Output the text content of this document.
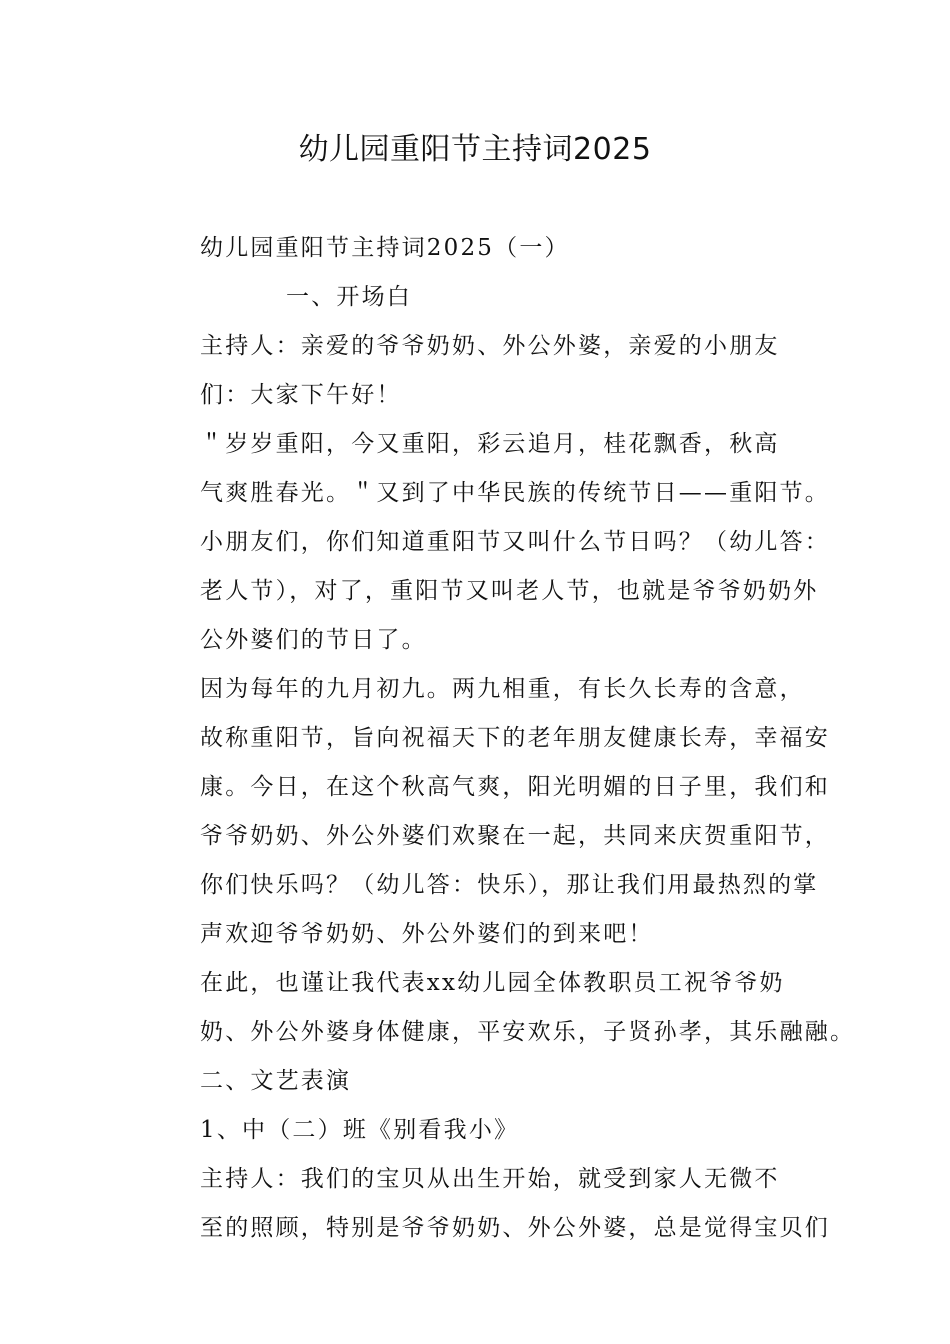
幼儿园重阳节主持词2025

幼儿园重阳节主持词2025（一）一、开场白

主持人：亲爱的爷爷奶奶、外公外婆，亲爱的小朋友
们：大家下午好！

＂岁岁重阳，今又重阳，彩云追月，桂花飘香，秋高
气爽胜春光。＂又到了中华民族的传统节日——重阳节。
小朋友们，你们知道重阳节又叫什么节日吗？（幼儿答：
老人节），对了，重阳节又叫老人节，也就是爷爷奶奶外
公外婆们的节日了。

因为每年的九月初九。两九相重，有长久长寿的含意，
故称重阳节，旨向祝福天下的老年朋友健康长寿，幸福安
康。今日，在这个秋高气爽，阳光明媚的日子里，我们和
爷爷奶奶、外公外婆们欢聚在一起，共同来庆贺重阳节，
你们快乐吗？（幼儿答：快乐），那让我们用最热烈的掌
声欢迎爷爷奶奶、外公外婆们的到来吧！

在此，也谨让我代表xx幼儿园全体教职员工祝爷爷奶
奶、外公外婆身体健康，平安欢乐，子贤孙孝，其乐融融。

二、文艺表演

1、中（二）班《别看我小》

主持人：我们的宝贝从出生开始，就受到家人无微不
至的照顾，特别是爷爷奶奶、外公外婆，总是觉得宝贝们
